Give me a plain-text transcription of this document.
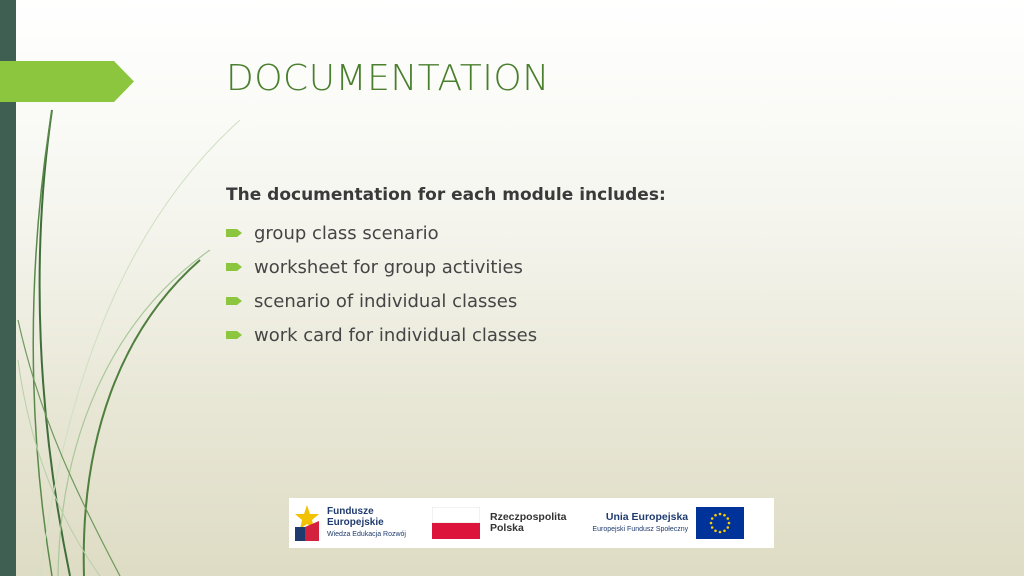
DOCUMENTATION
The documentation for each module includes:
group class scenario
worksheet for group activities
scenario of individual classes
work card for individual classes
Fundusze
Europejskie
Wiedza Edukacja Rozwój
Rzeczpospolita
Polska
Unia Europejska
Europejski Fundusz Społeczny
